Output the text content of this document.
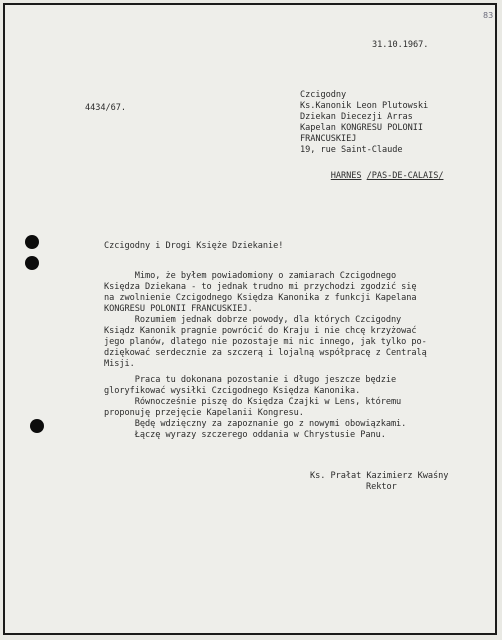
83
31.10.1967.
4434/67.
Czcigodny
Ks.Kanonik Leon Plutowski
Dziekan Diecezji Arras
Kapelan KONGRESU POLONII
FRANCUSKIEJ
19, rue Saint-Claude

HARNES /PAS-DE-CALAIS/

Czcigodny i Drogi Księże Dziekanie!
Mimo, że byłem powiadomiony o zamiarach Czcigodnego
Księdza Dziekana - to jednak trudno mi przychodzi zgodzić się
na zwolnienie Czcigodnego Księdza Kanonika z funkcji Kapelana
KONGRESU POLONII FRANCUSKIEJ.
Rozumiem jednak dobrze powody, dla których Czcigodny
Ksiądz Kanonik pragnie powrócić do Kraju i nie chcę krzyżować
jego planów, dlatego nie pozostaje mi nic innego, jak tylko po-
dziękować serdecznie za szczerą i lojalną współpracę z Centralą
Misji.
Praca tu dokonana pozostanie i długo jeszcze będzie
gloryfikować wysiłki Czcigodnego Księdza Kanonika.
Równocześnie piszę do Księdza Czajki w Lens, któremu
proponuję przejęcie Kapelanii Kongresu.
Będę wdzięczny za zapoznanie go z nowymi obowiązkami.
Łączę wyrazy szczerego oddania w Chrystusie Panu.
Ks. Prałat Kazimierz Kwaśny
Rektor
